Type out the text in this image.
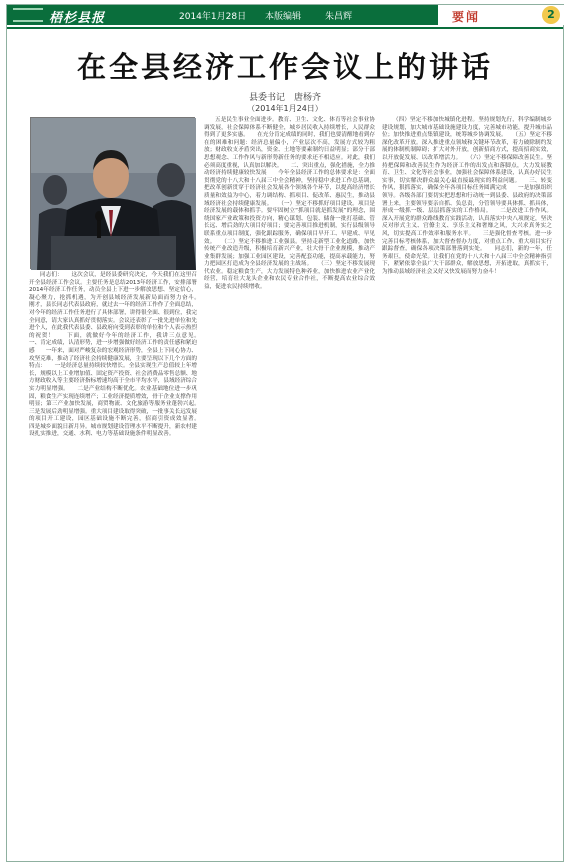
梧杉县报	2014年1月28日 本版编辑	朱昌辉	要闻	2
在全县经济工作会议上的讲话
县委书记　唐杨齐
（2014年1月24日）

同志们：　　这次会议，是经县委研究决定，今天我们在这里召开全县经济工作会议。主要任务是总结2013年经济工作，安排部署2014年经济工作任务，动员全县上下进一步解放思想、坚定信心，凝心聚力，抢抓机遇，为开创县域经济发展新局面而努力奋斗。　　刚才，县长同志代表县政府，就过去一年的经济工作作了全面总结，对今年的经济工作任务进行了具体部署，讲得很全面、很到位，我完全同意，请大家认真抓好贯彻落实。会议还表彰了一批先进单位和先进个人，在此我代表县委、县政府向受到表彰的单位和个人表示热烈的祝贺！　　下面，就做好今年的经济工作，我讲三点意见。　　一、肯定成绩，认清形势，进一步增强做好经济工作的责任感和紧迫感　　一年来，面对严峻复杂的宏观经济形势，全县上下同心协力、攻坚克难，推动了经济社会持续健康发展，主要呈现以下几个方面的特点：　　一是经济总量持续较快增长。全县实现生产总值较上年增长，规模以上工业增加值、固定资产投资、社会消费品零售总额、地方财政收入等主要经济指标增速均高于全市平均水平，县域经济综合实力明显增强。　　二是产业结构不断优化。农业基础地位进一步巩固，粮食生产实现连续增产；工业经济提质增效，骨干企业支撑作用明显；第三产业加快发展，商贸物流、文化旅游等服务业蓬勃兴起。　　三是发展后劲明显增强。重大项目建设取得突破，一批事关长远发展的项目开工建设，园区基础设施不断完善，招商引资成效显著。　　四是城乡面貌日新月异。城市规划建设管理水平不断提升，新农村建设扎实推进，交通、水利、电力等基础设施条件明显改善。

五是民生事业全面进步。教育、卫生、文化、体育等社会事业协调发展，社会保障体系不断健全，城乡居民收入持续增长，人民群众得到了更多实惠。　　在充分肯定成绩的同时，我们也要清醒地看到存在的困难和问题：经济总量偏小，产业层次不高，发展方式较为粗放；财政收支矛盾突出，资金、土地等要素制约日益明显；部分干部思想观念、工作作风与新形势新任务的要求还不相适应。对此，我们必须高度重视，认真加以解决。　　二、突出重点，强化措施，全力推动经济持续健康较快发展　　今年全县经济工作的总体要求是：全面贯彻党的十八大和十八届三中全会精神，坚持稳中求进工作总基调，把改革创新贯穿于经济社会发展各个领域各个环节，以提高经济增长质量和效益为中心，着力调结构、抓项目、促改革、惠民生，推动县域经济社会持续健康发展。　　（一）坚定不移抓好项目建设。项目是经济发展的载体和抓手。要牢固树立“抓项目就是抓发展”的理念，围绕国家产业政策和投资方向，精心谋划、包装、储备一批打基础、管长远、增后劲的大项目好项目；要完善项目推进机制，实行县级领导联系重点项目制度，强化跟踪服务，确保项目早开工、早建成、早见效。　　（二）坚定不移推进工业强县。坚持走新型工业化道路，加快传统产业改造升级，积极培育新兴产业，壮大骨干企业规模，推动产业集群发展；加强工业园区建设，完善配套功能，提高承载能力，努力把园区打造成为全县经济发展的主战场。　　（三）坚定不移发展现代农业。稳定粮食生产，大力发展特色种养业，加快推进农业产业化经营，培育壮大龙头企业和农民专业合作社，不断提高农业综合效益，促进农民持续增收。

（四）坚定不移加快城镇化进程。坚持规划先行，科学编制城乡建设规划，加大城市基础设施建设力度，完善城市功能，提升城市品位；加快推进重点集镇建设，统筹城乡协调发展。　　（五）坚定不移深化改革开放。深入推进重点领域和关键环节改革，着力破除制约发展的体制机制障碍；扩大对外开放，创新招商方式，提高招商实效，以开放促发展、以改革增活力。　　（六）坚定不移保障改善民生。坚持把保障和改善民生作为经济工作的出发点和落脚点，大力发展教育、卫生、文化等社会事业，加强社会保障体系建设，认真办好民生实事，切实解决群众最关心最直接最现实的利益问题。　　三、转变作风，狠抓落实，确保全年各项目标任务圆满完成　　一是加强组织领导。各级各部门要切实把思想和行动统一到县委、县政府的决策部署上来，主要领导要亲自抓、负总责，分管领导要具体抓、抓具体，形成一级抓一级、层层抓落实的工作格局。　　二是改进工作作风。深入开展党的群众路线教育实践活动，认真落实中央八项规定，坚决反对形式主义、官僚主义、享乐主义和奢靡之风，大兴求真务实之风，切实提高工作效率和服务水平。　　三是强化督查考核。进一步完善目标考核体系，加大督查督办力度，对重点工作、重大项目实行跟踪督查，确保各项决策部署落到实处。　　同志们，新的一年，任务艰巨，使命光荣。让我们在党的十八大和十八届三中全会精神指引下，紧紧依靠全县广大干部群众，解放思想，开拓进取，真抓实干，为推动县域经济社会又好又快发展而努力奋斗！
